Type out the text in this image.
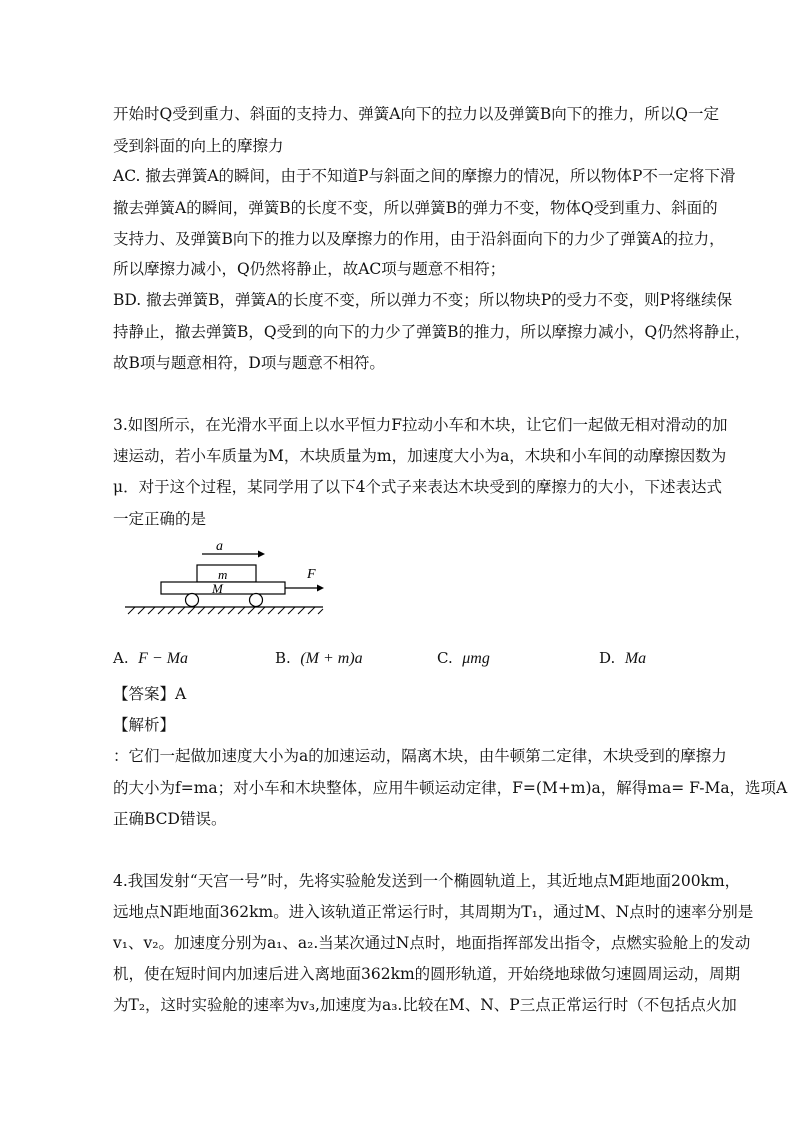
开始时Q受到重力、斜面的支持力、弹簧A向下的拉力以及弹簧B向下的推力，所以Q一定
受到斜面的向上的摩擦力
AC. 撤去弹簧A的瞬间，由于不知道P与斜面之间的摩擦力的情况，所以物体P不一定将下滑
撤去弹簧A的瞬间，弹簧B的长度不变，所以弹簧B的弹力不变，物体Q受到重力、斜面的
支持力、及弹簧B向下的推力以及摩擦力的作用，由于沿斜面向下的力少了弹簧A的拉力，
所以摩擦力减小，Q仍然将静止，故AC项与题意不相符；
BD. 撤去弹簧B，弹簧A的长度不变，所以弹力不变；所以物块P的受力不变，则P将继续保
持静止，撤去弹簧B，Q受到的向下的力少了弹簧B的推力，所以摩擦力减小，Q仍然将静止，
故B项与题意相符，D项与题意不相符。
3.如图所示，在光滑水平面上以水平恒力F拉动小车和木块，让它们一起做无相对滑动的加
速运动，若小车质量为M，木块质量为m，加速度大小为a，木块和小车间的动摩擦因数为
μ．对于这个过程，某同学用了以下4个式子来表达木块受到的摩擦力的大小，下述表达式
一定正确的是
a
m
M
F
A. F − Ma	B. (M + m)a	C. μmg	D. Ma
【答案】A
【解析】
：它们一起做加速度大小为a的加速运动，隔离木块，由牛顿第二定律，木块受到的摩擦力
的大小为f=ma；对小车和木块整体，应用牛顿运动定律，F=(M+m)a，解得ma= F-Ma，选项A
正确BCD错误。
4.我国发射“天宫一号”时，先将实验舱发送到一个椭圆轨道上，其近地点M距地面200km，
远地点N距地面362km。进入该轨道正常运行时，其周期为T₁，通过M、N点时的速率分别是
v₁、v₂。加速度分别为a₁、a₂.当某次通过N点时，地面指挥部发出指令，点燃实验舱上的发动
机，使在短时间内加速后进入离地面362km的圆形轨道，开始绕地球做匀速圆周运动，周期
为T₂，这时实验舱的速率为v₃,加速度为a₃.比较在M、N、P三点正常运行时（不包括点火加
